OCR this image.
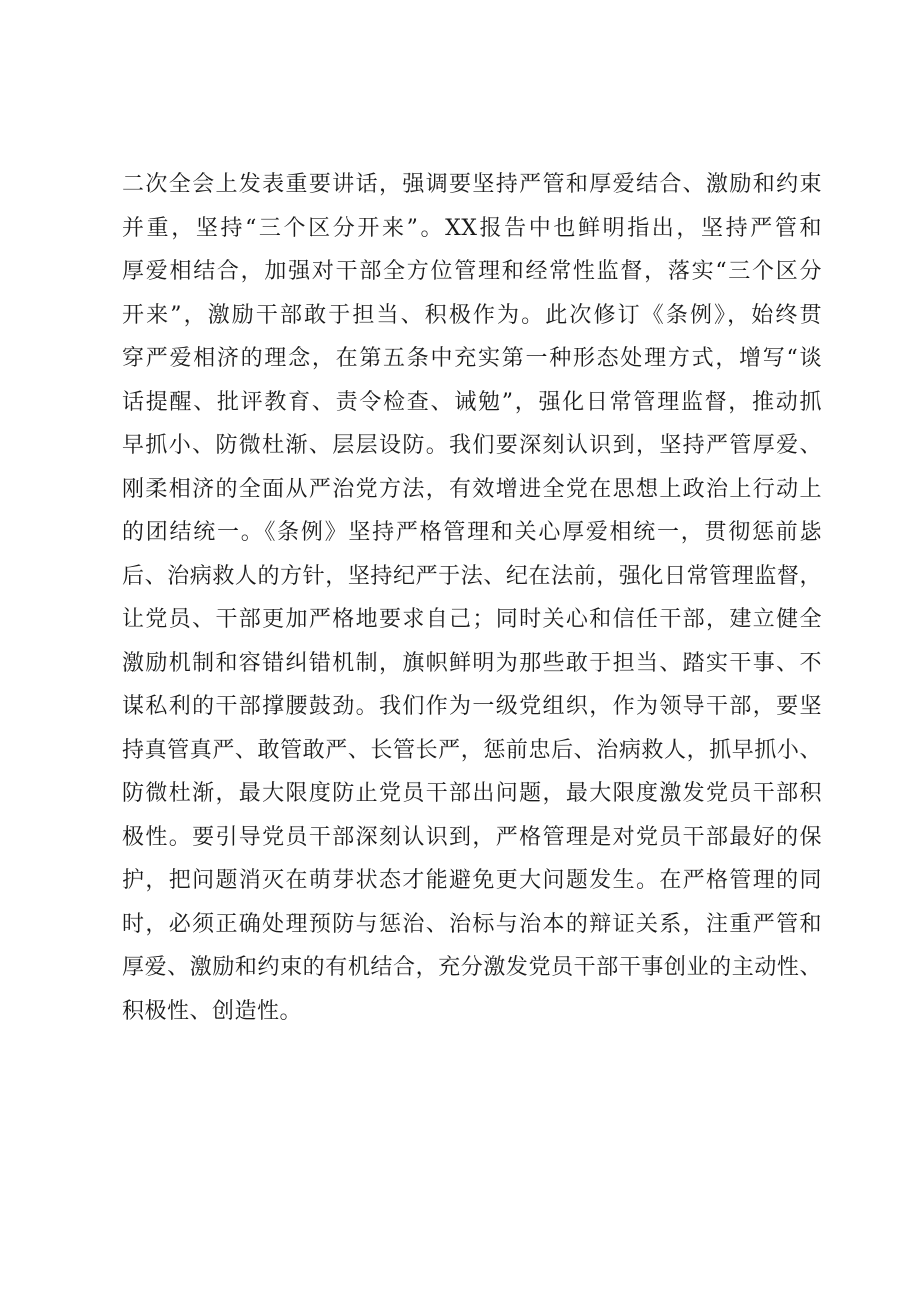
二次全会上发表重要讲话，强调要坚持严管和厚爱结合、激励和约束
并重，坚持“三个区分开来”。XX报告中也鲜明指出，坚持严管和
厚爱相结合，加强对干部全方位管理和经常性监督，落实“三个区分
开来”，激励干部敢于担当、积极作为。此次修订《条例》，始终贯
穿严爱相济的理念，在第五条中充实第一种形态处理方式，增写“谈
话提醒、批评教育、责令检查、诫勉”，强化日常管理监督，推动抓
早抓小、防微杜渐、层层设防。我们要深刻认识到，坚持严管厚爱、
刚柔相济的全面从严治党方法，有效增进全党在思想上政治上行动上
的团结统一。《条例》坚持严格管理和关心厚爱相统一，贯彻惩前毖
后、治病救人的方针，坚持纪严于法、纪在法前，强化日常管理监督，
让党员、干部更加严格地要求自己；同时关心和信任干部，建立健全
激励机制和容错纠错机制，旗帜鲜明为那些敢于担当、踏实干事、不
谋私利的干部撑腰鼓劲。我们作为一级党组织，作为领导干部，要坚
持真管真严、敢管敢严、长管长严，惩前忠后、治病救人，抓早抓小、
防微杜渐，最大限度防止党员干部出问题，最大限度激发党员干部积
极性。要引导党员干部深刻认识到，严格管理是对党员干部最好的保
护，把问题消灭在萌芽状态才能避免更大问题发生。在严格管理的同
时，必须正确处理预防与惩治、治标与治本的辩证关系，注重严管和
厚爱、激励和约束的有机结合，充分激发党员干部干事创业的主动性、
积极性、创造性。
